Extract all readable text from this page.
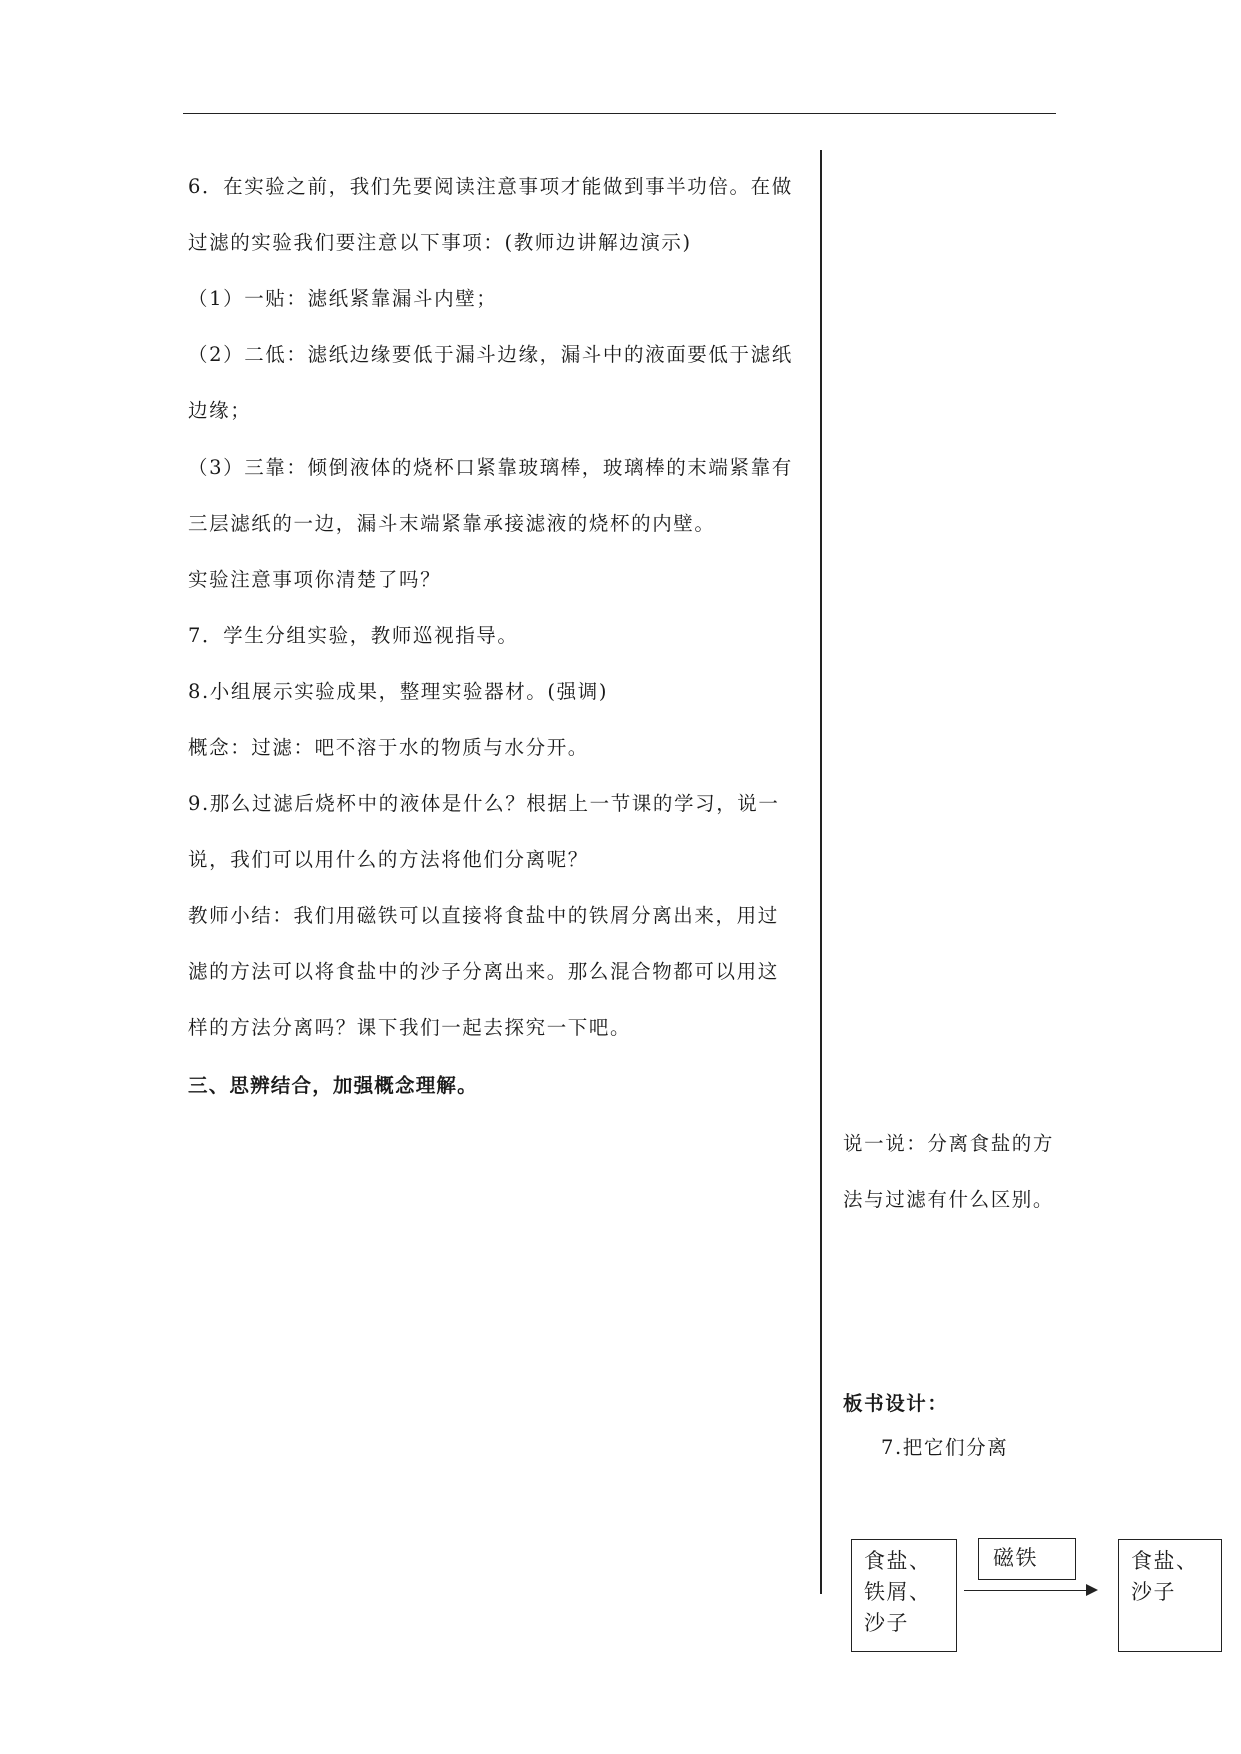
6．在实验之前，我们先要阅读注意事项才能做到事半功倍。在做
过滤的实验我们要注意以下事项：(教师边讲解边演示)
（1）一贴：滤纸紧靠漏斗内壁；
（2）二低：滤纸边缘要低于漏斗边缘，漏斗中的液面要低于滤纸
边缘；
（3）三靠：倾倒液体的烧杯口紧靠玻璃棒，玻璃棒的末端紧靠有
三层滤纸的一边，漏斗末端紧靠承接滤液的烧杯的内壁。
实验注意事项你清楚了吗？
7．学生分组实验，教师巡视指导。
8.小组展示实验成果，整理实验器材。(强调)
概念：过滤：吧不溶于水的物质与水分开。
9.那么过滤后烧杯中的液体是什么？根据上一节课的学习，说一
说，我们可以用什么的方法将他们分离呢？
教师小结：我们用磁铁可以直接将食盐中的铁屑分离出来，用过
滤的方法可以将食盐中的沙子分离出来。那么混合物都可以用这
样的方法分离吗？课下我们一起去探究一下吧。
三、思辨结合，加强概念理解。
说一说：分离食盐的方
法与过滤有什么区别。
板书设计：
7.把它们分离
食盐、
铁屑、
沙子
磁铁	食盐、
沙子
